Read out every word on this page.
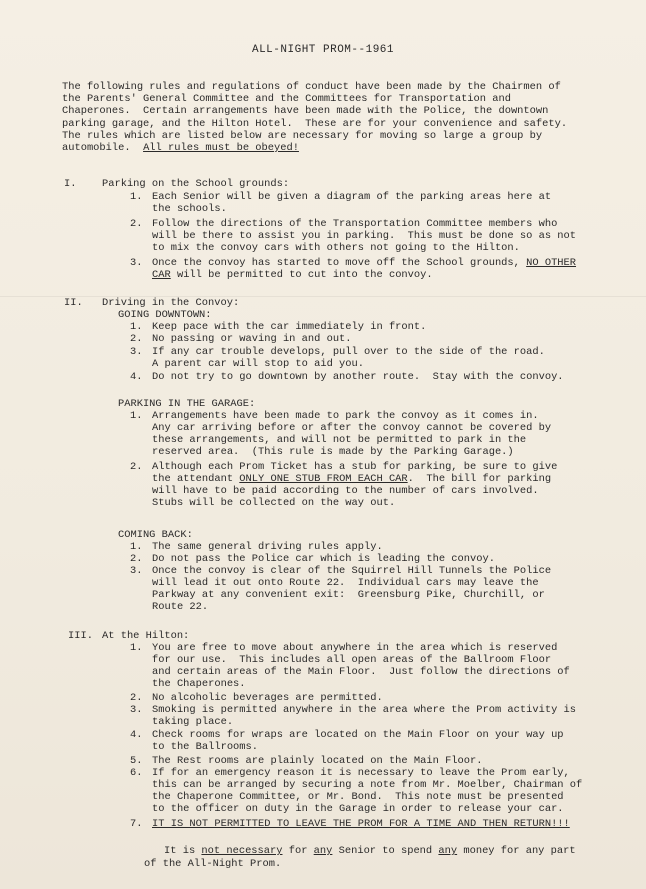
ALL-NIGHT PROM--1961
The following rules and regulations of conduct have been made by the Chairmen of
the Parents' General Committee and the Committees for Transportation and
Chaperones.  Certain arrangements have been made with the Police, the downtown
parking garage, and the Hilton Hotel.  These are for your convenience and safety.
The rules which are listed below are necessary for moving so large a group by
automobile.  All rules must be obeyed!
I. Parking on the School grounds:
1. Each Senior will be given a diagram of the parking areas here at
the schools.
2. Follow the directions of the Transportation Committee members who
will be there to assist you in parking.  This must be done so as not
to mix the convoy cars with others not going to the Hilton.
3. Once the convoy has started to move off the School grounds, NO OTHER
CAR will be permitted to cut into the convoy.
II. Driving in the Convoy:
GOING DOWNTOWN:
1. Keep pace with the car immediately in front.
2. No passing or waving in and out.
3. If any car trouble develops, pull over to the side of the road.
A parent car will stop to aid you.
4. Do not try to go downtown by another route.  Stay with the convoy.
PARKING IN THE GARAGE:
1. Arrangements have been made to park the convoy as it comes in.
Any car arriving before or after the convoy cannot be covered by
these arrangements, and will not be permitted to park in the
reserved area.  (This rule is made by the Parking Garage.)
2. Although each Prom Ticket has a stub for parking, be sure to give
the attendant ONLY ONE STUB FROM EACH CAR.  The bill for parking
will have to be paid according to the number of cars involved.
Stubs will be collected on the way out.
COMING BACK:
1. The same general driving rules apply.
2. Do not pass the Police car which is leading the convoy.
3. Once the convoy is clear of the Squirrel Hill Tunnels the Police
will lead it out onto Route 22.  Individual cars may leave the
Parkway at any convenient exit:  Greensburg Pike, Churchill, or
Route 22.
III. At the Hilton:
1. You are free to move about anywhere in the area which is reserved
for our use.  This includes all open areas of the Ballroom Floor
and certain areas of the Main Floor.  Just follow the directions of
the Chaperones.
2. No alcoholic beverages are permitted.
3. Smoking is permitted anywhere in the area where the Prom activity is
taking place.
4. Check rooms for wraps are located on the Main Floor on your way up
to the Ballrooms.
5. The Rest rooms are plainly located on the Main Floor.
6. If for an emergency reason it is necessary to leave the Prom early,
this can be arranged by securing a note from Mr. Moelber, Chairman of
the Chaperone Committee, or Mr. Bond.  This note must be presented
to the officer on duty in the Garage in order to release your car.
7. IT IS NOT PERMITTED TO LEAVE THE PROM FOR A TIME AND THEN RETURN!!!
It is not necessary for any Senior to spend any money for any part
of the All-Night Prom.
